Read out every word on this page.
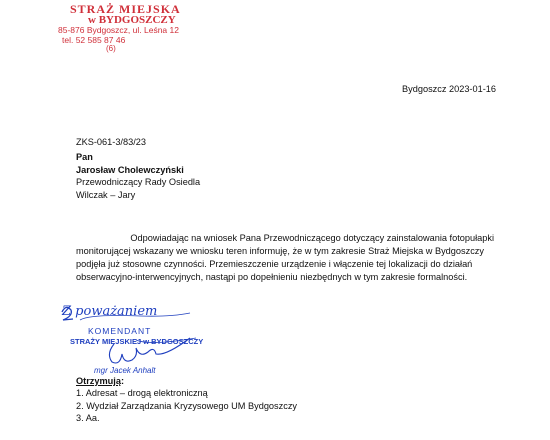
STRAŻ MIEJSKA
w BYDGOSZCZY
85-876 Bydgoszcz, ul. Leśna 12
tel. 52 585 87 46
(6)
Bydgoszcz 2023-01-16
ZKS-061-3/83/23
Pan
Jarosław Cholewczyński
Przewodniczący Rady Osiedla
Wilczak – Jary
Odpowiadając na wniosek Pana Przewodniczącego dotyczący zainstalowania fotopułapki
monitorującej wskazany we wniosku teren informuję, że w tym zakresie Straż Miejska w Bydgoszczy
podjęła już stosowne czynności. Przemieszczenie urządzenie i włączenie tej lokalizacji do działań
obserwacyjno-interwencyjnych, nastąpi po dopełnieniu niezbędnych w tym zakresie formalności.
Z poważaniem
KOMENDANT
STRAŻY MIEJSKIEJ w BYDGOSZCZY
mgr Jacek Anhalt
Otrzymują
1. Adresat – drogą elektroniczną
2. Wydział Zarządzania Kryzysowego UM Bydgoszczy
3. Aa.
:
